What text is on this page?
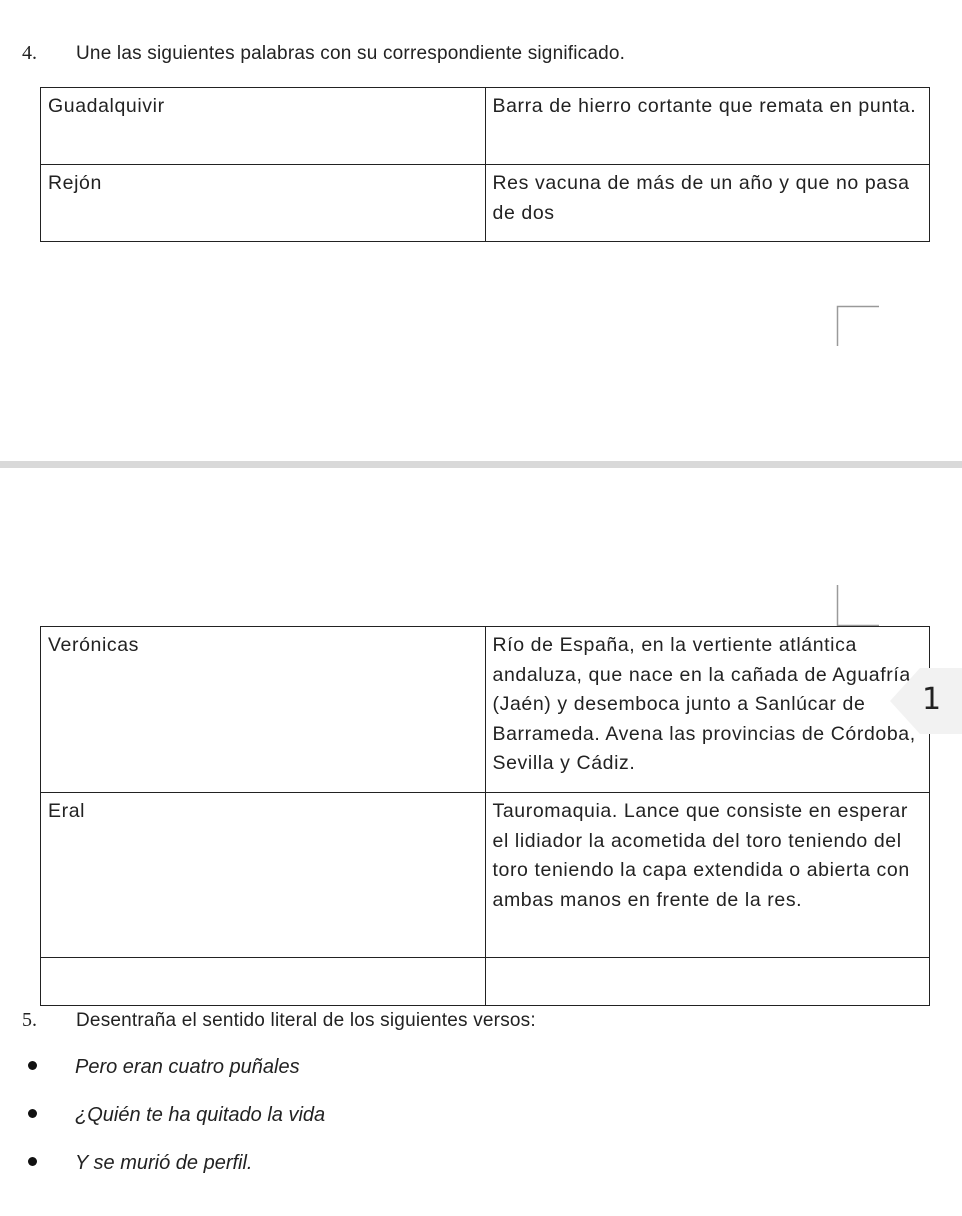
4. Une las siguientes palabras con su correspondiente significado.
Guadalquivir	Barra de hierro cortante que remata en punta.
Rejón	Res vacuna de más de un año y que no pasa de dos
Verónicas	Río de España, en la vertiente atlántica andaluza, que nace en la cañada de Aguafría (Jaén) y desemboca junto a Sanlúcar de Barrameda. Avena las provincias de Córdoba, Sevilla y Cádiz.
Eral	Tauromaquia. Lance que consiste en esperar el lidiador la acometida del toro teniendo del toro teniendo la capa extendida o abierta con ambas manos en frente de la res.

1
5. Desentraña el sentido literal de los siguientes versos:
Pero eran cuatro puñales
¿Quién te ha quitado la vida
Y se murió de perfil.
